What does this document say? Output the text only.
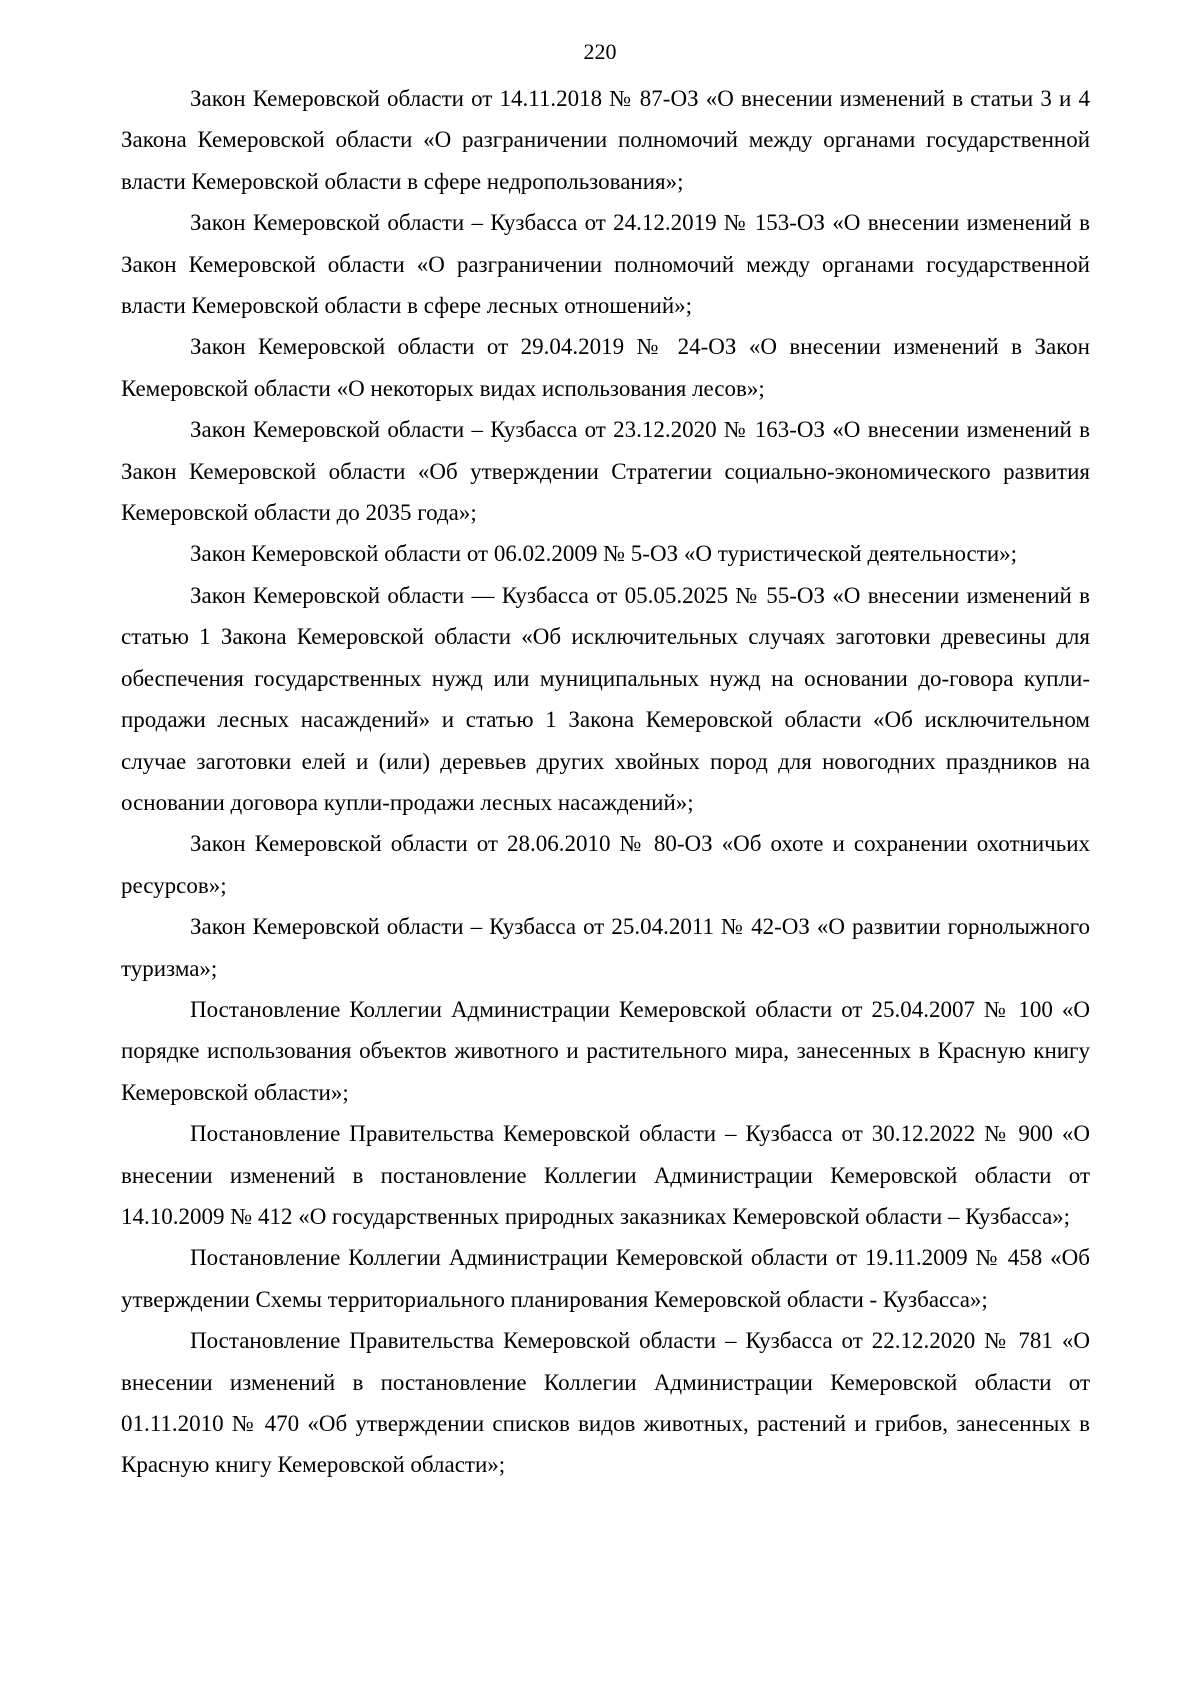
220

Закон Кемеровской области от 14.11.2018 № 87-ОЗ «О внесении изменений в статьи 3 и 4 Закона Кемеровской области «О разграничении полномочий между органами государственной власти Кемеровской области в сфере недропользования»;

Закон Кемеровской области – Кузбасса от 24.12.2019 № 153-ОЗ «О внесении изменений в Закон Кемеровской области «О разграничении полномочий между органами государственной власти Кемеровской области в сфере лесных отношений»;

Закон Кемеровской области от 29.04.2019 № 24-ОЗ «О внесении изменений в Закон Кемеровской области «О некоторых видах использования лесов»;

Закон Кемеровской области – Кузбасса от 23.12.2020 № 163-ОЗ «О внесении изменений в Закон Кемеровской области «Об утверждении Стратегии социально-экономического развития Кемеровской области до 2035 года»;

Закон Кемеровской области от 06.02.2009 № 5-ОЗ «О туристической деятельности»;

Закон Кемеровской области — Кузбасса от 05.05.2025 № 55-ОЗ «О внесении изменений в статью 1 Закона Кемеровской области «Об исключительных случаях заготовки древесины для обеспечения государственных нужд или муниципальных нужд на основании до-говора купли-продажи лесных насаждений» и статью 1 Закона Кемеровской области «Об исключительном случае заготовки елей и (или) деревьев других хвойных пород для новогодних праздников на основании договора купли-продажи лесных насаждений»;

Закон Кемеровской области от 28.06.2010 № 80-ОЗ «Об охоте и сохранении охотничьих ресурсов»;

Закон Кемеровской области – Кузбасса от 25.04.2011 № 42-ОЗ «О развитии горнолыжного туризма»;

Постановление Коллегии Администрации Кемеровской области от 25.04.2007 № 100 «О порядке использования объектов животного и растительного мира, занесенных в Красную книгу Кемеровской области»;

Постановление Правительства Кемеровской области – Кузбасса от 30.12.2022 № 900 «О внесении изменений в постановление Коллегии Администрации Кемеровской области от 14.10.2009 № 412 «О государственных природных заказниках Кемеровской области – Кузбасса»;

Постановление Коллегии Администрации Кемеровской области от 19.11.2009 № 458 «Об утверждении Схемы территориального планирования Кемеровской области - Кузбасса»;

Постановление Правительства Кемеровской области – Кузбасса от 22.12.2020 № 781 «О внесении изменений в постановление Коллегии Администрации Кемеровской области от 01.11.2010 № 470 «Об утверждении списков видов животных, растений и грибов, занесенных в Красную книгу Кемеровской области»;
